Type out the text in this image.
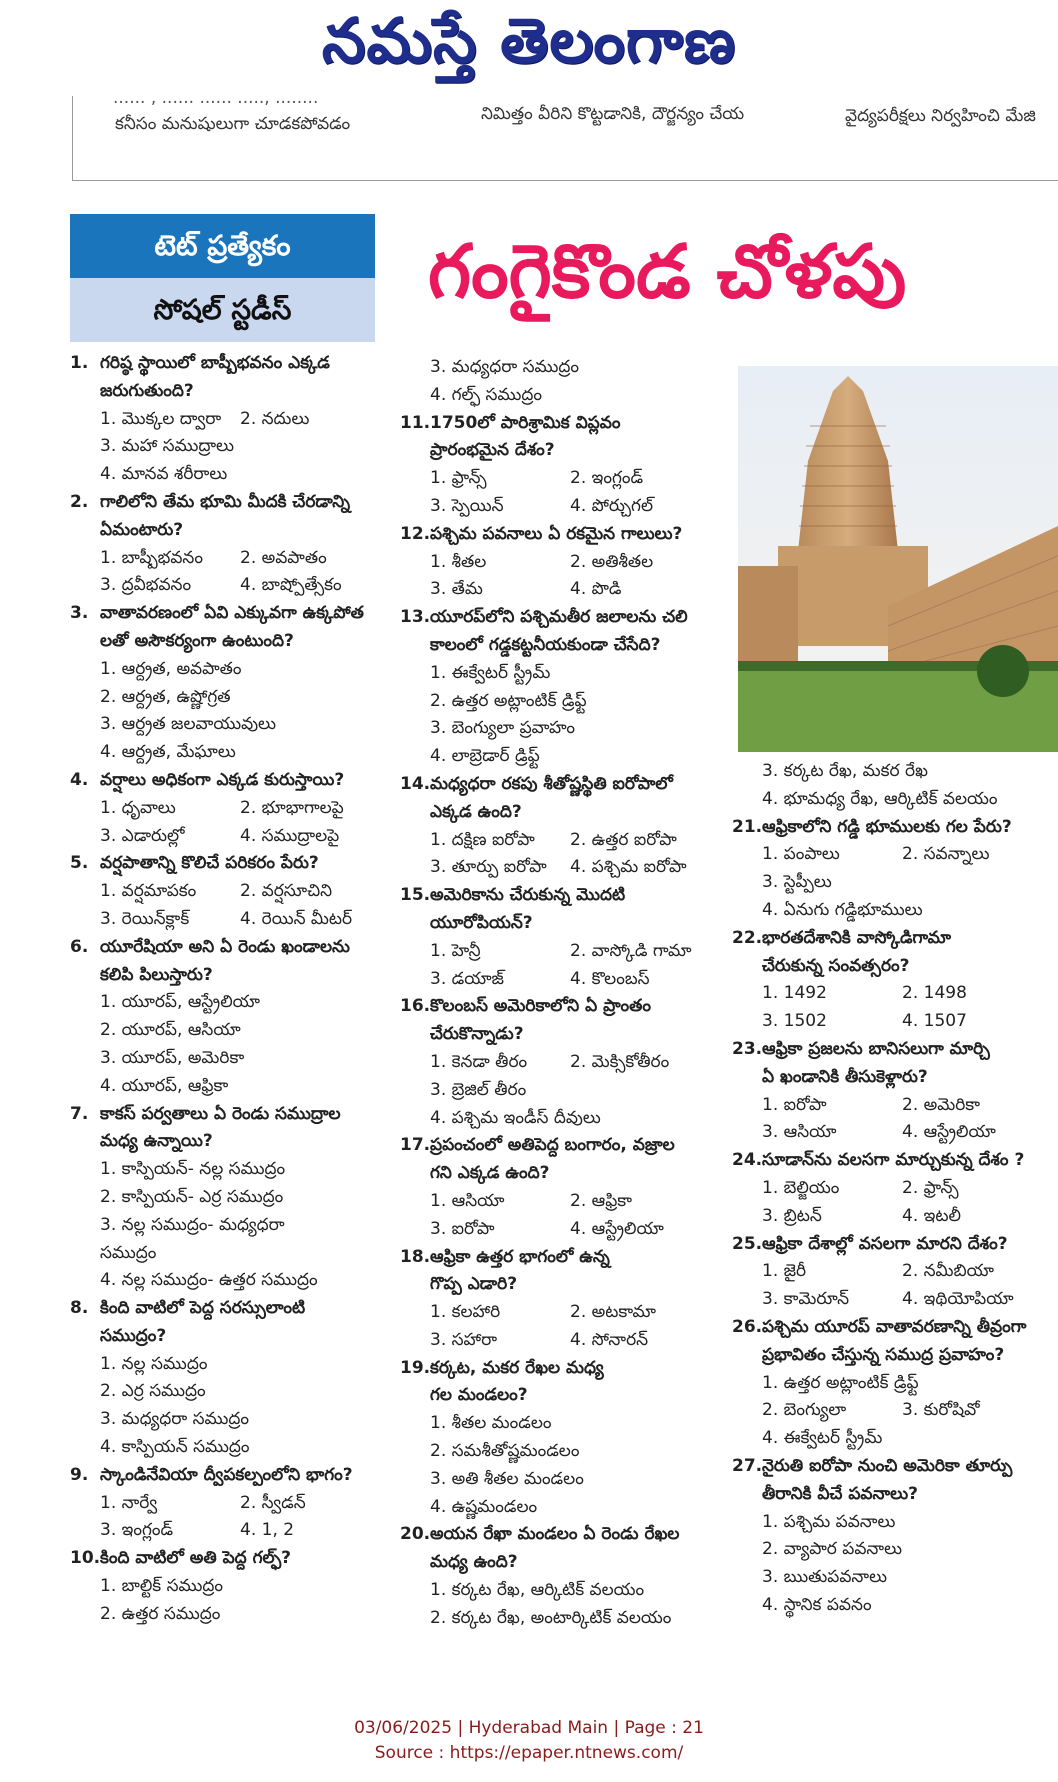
నమస్తే తెలంగాణ
...... , ...... ...... ....., ........
కనీసం మనుషులుగా చూడకపోవడం	నిమిత్తం వీరిని కొట్టడానికి, దౌర్జన్యం చేయ	వైద్యపరీక్షలు నిర్వహించి మేజి
టెట్ ప్రత్యేకం
సోషల్ స్టడీస్	గంగైకొండ చోళపు
1. గరిష్ఠ స్థాయిలో బాష్పీభవనం ఎక్కడ
జరుగుతుంది?
1. మొక్కల ద్వారా	2. నదులు
3. మహా సముద్రాలు
4. మానవ శరీరాలు
2. గాలిలోని తేమ భూమి మీదకి చేరడాన్ని
ఏమంటారు?
1. బాష్పీభవనం	2. అవపాతం
3. ద్రవీభవనం	4. బాష్పోత్సేకం
3. వాతావరణంలో ఏవి ఎక్కువగా ఉక్కపోత
లతో అసౌకర్యంగా ఉంటుంది?
1. ఆర్ద్రత, అవపాతం
2. ఆర్ద్రత, ఉష్ణోగ్రత
3. ఆర్ద్రత జలవాయువులు
4. ఆర్ద్రత, మేఘాలు
4. వర్షాలు అధికంగా ఎక్కడ కురుస్తాయి?
1. ధృవాలు	2. భూభాగాలపై
3. ఎడారుల్లో	4. సముద్రాలపై
5. వర్షపాతాన్ని కొలిచే పరికరం పేరు?
1. వర్షమాపకం	2. వర్షసూచిని
3. రెయిన్‌క్లాక్	4. రెయిన్ మీటర్
6. యూరేషియా అని ఏ రెండు ఖండాలను
కలిపి పిలుస్తారు?
1. యూరప్, ఆస్ట్రేలియా
2. యూరప్, ఆసియా
3. యూరప్, అమెరికా
4. యూరప్, ఆఫ్రికా
7. కాకస్ పర్వతాలు ఏ రెండు సముద్రాల
మధ్య ఉన్నాయి?
1. కాస్పియన్- నల్ల సముద్రం
2. కాస్పియన్- ఎర్ర సముద్రం
3. నల్ల సముద్రం- మధ్యధరా
సముద్రం
4. నల్ల సముద్రం- ఉత్తర సముద్రం
8. కింది వాటిలో పెద్ద సరస్సులాంటి
సముద్రం?
1. నల్ల సముద్రం
2. ఎర్ర సముద్రం
3. మధ్యధరా సముద్రం
4. కాస్పియన్ సముద్రం
9. స్కాండినేవియా ద్వీపకల్పంలోని భాగం?
1. నార్వే	2. స్వీడన్
3. ఇంగ్లండ్	4. 1, 2
10. కింది వాటిలో అతి పెద్ద గల్ఫ్?
1. బాల్టిక్ సముద్రం
2. ఉత్తర సముద్రం
3. మధ్యధరా సముద్రం
4. గల్ఫ్ సముద్రం
11. 1750లో పారిశ్రామిక విప్లవం
ప్రారంభమైన దేశం?
1. ఫ్రాన్స్	2. ఇంగ్లండ్
3. స్పెయిన్	4. పోర్చుగల్
12. పశ్చిమ పవనాలు ఏ రకమైన గాలులు?
1. శీతల	2. అతిశీతల
3. తేమ	4. పొడి
13. యూరప్‌లోని పశ్చిమతీర జలాలను చలి
కాలంలో గడ్డకట్టనీయకుండా చేసేది?
1. ఈక్వేటర్ స్ట్రీమ్
2. ఉత్తర అట్లాంటిక్ డ్రిఫ్ట్
3. బెంగ్యులా ప్రవాహం
4. లాబ్రెడార్ డ్రిఫ్ట్
14. మధ్యధరా రకపు శీతోష్ణస్థితి ఐరోపాలో
ఎక్కడ ఉంది?
1. దక్షిణ ఐరోపా	2. ఉత్తర ఐరోపా
3. తూర్పు ఐరోపా	4. పశ్చిమ ఐరోపా
15. అమెరికాను చేరుకున్న మొదటి
యూరోపియన్?
1. హెన్రీ	2. వాస్కోడి గామా
3. డయాజ్	4. కొలంబస్
16. కొలంబస్ అమెరికాలోని ఏ ప్రాంతం
చేరుకొన్నాడు?
1. కెనడా తీరం	2. మెక్సికోతీరం
3. బ్రెజిల్ తీరం
4. పశ్చిమ ఇండీస్ దీవులు
17. ప్రపంచంలో అతిపెద్ద బంగారం, వజ్రాల
గని ఎక్కడ ఉంది?
1. ఆసియా	2. ఆఫ్రికా
3. ఐరోపా	4. ఆస్ట్రేలియా
18. ఆఫ్రికా ఉత్తర భాగంలో ఉన్న
గొప్ప ఎడారి?
1. కలహారి	2. అటకామా
3. సహారా	4. సోనారన్
19. కర్కట, మకర రేఖల మధ్య
గల మండలం?
1. శీతల మండలం
2. సమశీతోష్ణమండలం
3. అతి శీతల మండలం
4. ఉష్ణమండలం
20. అయన రేఖా మండలం ఏ రెండు రేఖల
మధ్య ఉంది?
1. కర్కట రేఖ, ఆర్కిటిక్ వలయం
2. కర్కట రేఖ, అంటార్కిటిక్ వలయం
3. కర్కట రేఖ, మకర రేఖ
4. భూమధ్య రేఖ, ఆర్కిటిక్ వలయం
21. ఆఫ్రికాలోని గడ్డి భూములకు గల పేరు?
1. పంపాలు	2. సవన్నాలు
3. స్టెప్పీలు
4. ఏనుగు గడ్డిభూములు
22. భారతదేశానికి వాస్కోడిగామా
చేరుకున్న సంవత్సరం?
1. 1492	2. 1498
3. 1502	4. 1507
23. ఆఫ్రికా ప్రజలను బానిసలుగా మార్చి
ఏ ఖండానికి తీసుకెళ్లారు?
1. ఐరోపా	2. అమెరికా
3. ఆసియా	4. ఆస్ట్రేలియా
24. సూడాన్‌ను వలసగా మార్చుకున్న దేశం ?
1. బెల్జియం	2. ఫ్రాన్స్
3. బ్రిటన్	4. ఇటలీ
25. ఆఫ్రికా దేశాల్లో వసలగా మారని దేశం?
1. జైరీ	2. నమీబియా
3. కామెరూన్	4. ఇథియోపియా
26. పశ్చిమ యూరప్ వాతావరణాన్ని తీవ్రంగా
ప్రభావితం చేస్తున్న సముద్ర ప్రవాహం?
1. ఉత్తర అట్లాంటిక్ డ్రిఫ్ట్
2. బెంగ్యులా	3. కురోషివో
4. ఈక్వేటర్ స్ట్రీమ్
27. నైరుతి ఐరోపా నుంచి అమెరికా తూర్పు
తీరానికి వీచే పవనాలు?
1. పశ్చిమ పవనాలు
2. వ్యాపార పవనాలు
3. ఋతుపవనాలు
4. స్థానిక పవనం
03/06/2025 | Hyderabad Main | Page : 21
Source : https://epaper.ntnews.com/
